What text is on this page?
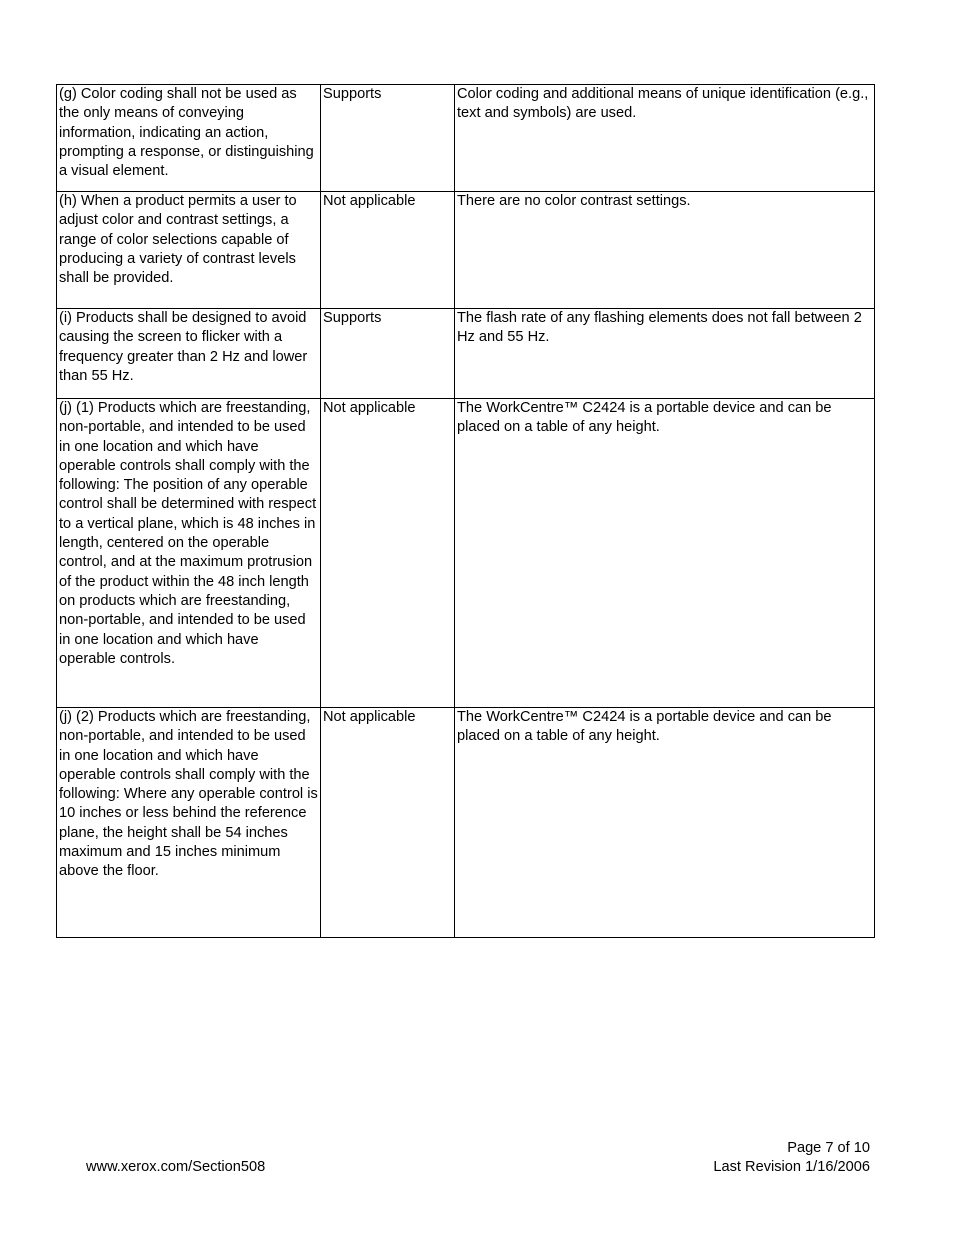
(g) Color coding shall not be used as the only means of conveying information, indicating an action, prompting a response, or distinguishing a visual element.	Supports	Color coding and additional means of unique identification (e.g., text and symbols) are used.
(h) When a product permits a user to adjust color and contrast settings, a range of color selections capable of producing a variety of contrast levels shall be provided.	Not applicable	There are no color contrast settings.
(i) Products shall be designed to avoid causing the screen to flicker with a frequency greater than 2 Hz and lower than 55 Hz.	Supports	The flash rate of any flashing elements does not fall between 2 Hz and 55 Hz.
(j) (1) Products which are freestanding, non-portable, and intended to be used in one location and which have operable controls shall comply with the following: The position of any operable control shall be determined with respect to a vertical plane, which is 48 inches in length, centered on the operable control, and at the maximum protrusion of the product within the 48 inch length on products which are freestanding, non-portable, and intended to be used in one location and which have operable controls.	Not applicable	The WorkCentre™ C2424 is a portable device and can be placed on a table of any height.
(j) (2) Products which are freestanding, non-portable, and intended to be used in one location and which have operable controls shall comply with the following: Where any operable control is 10 inches or less behind the reference plane, the height shall be 54 inches maximum and 15 inches minimum above the floor.	Not applicable	The WorkCentre™ C2424 is a portable device and can be placed on a table of any height.
www.xerox.com/Section508
Page 7 of 10
Last Revision 1/16/2006
